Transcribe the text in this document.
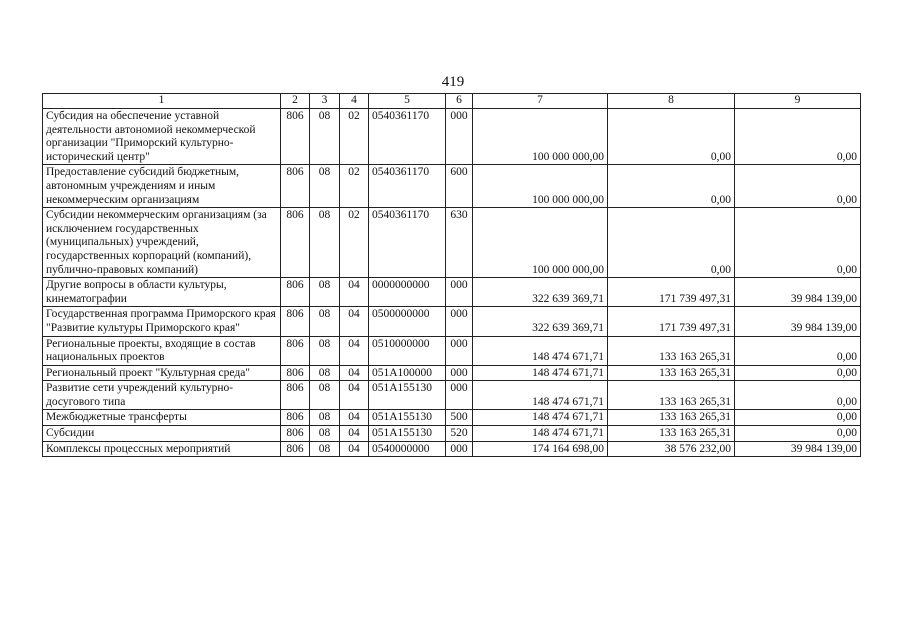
419
1	2	3	4	5	6	7	8	9
Субсидия на обеспечение уставной деятельности автономиой некоммерческой организации "Приморский культурно-исторический центр"	806	08	02	0540361170	000	100 000 000,00	0,00	0,00
Предоставление субсидий бюджетным, автономным учреждениям и иным некоммерческим организациям	806	08	02	0540361170	600	100 000 000,00	0,00	0,00
Субсидии некоммерческим организациям (за исключением государственных (муниципальных) учреждений, государственных корпораций (компаний), публично-правовых компаний)	806	08	02	0540361170	630	100 000 000,00	0,00	0,00
Другие вопросы в области культуры, кинематографии	806	08	04	0000000000	000	322 639 369,71	171 739 497,31	39 984 139,00
Государственная программа Приморского края "Развитие культуры Приморского края"	806	08	04	0500000000	000	322 639 369,71	171 739 497,31	39 984 139,00
Региональные проекты, входящие в состав национальных проектов	806	08	04	0510000000	000	148 474 671,71	133 163 265,31	0,00
Региональный проект "Культурная среда"	806	08	04	051A100000	000	148 474 671,71	133 163 265,31	0,00
Развитие сети учреждений культурно-досугового типа	806	08	04	051A155130	000	148 474 671,71	133 163 265,31	0,00
Межбюджетные трансферты	806	08	04	051A155130	500	148 474 671,71	133 163 265,31	0,00
Субсидии	806	08	04	051A155130	520	148 474 671,71	133 163 265,31	0,00
Комплексы процессных мероприятий	806	08	04	0540000000	000	174 164 698,00	38 576 232,00	39 984 139,00
